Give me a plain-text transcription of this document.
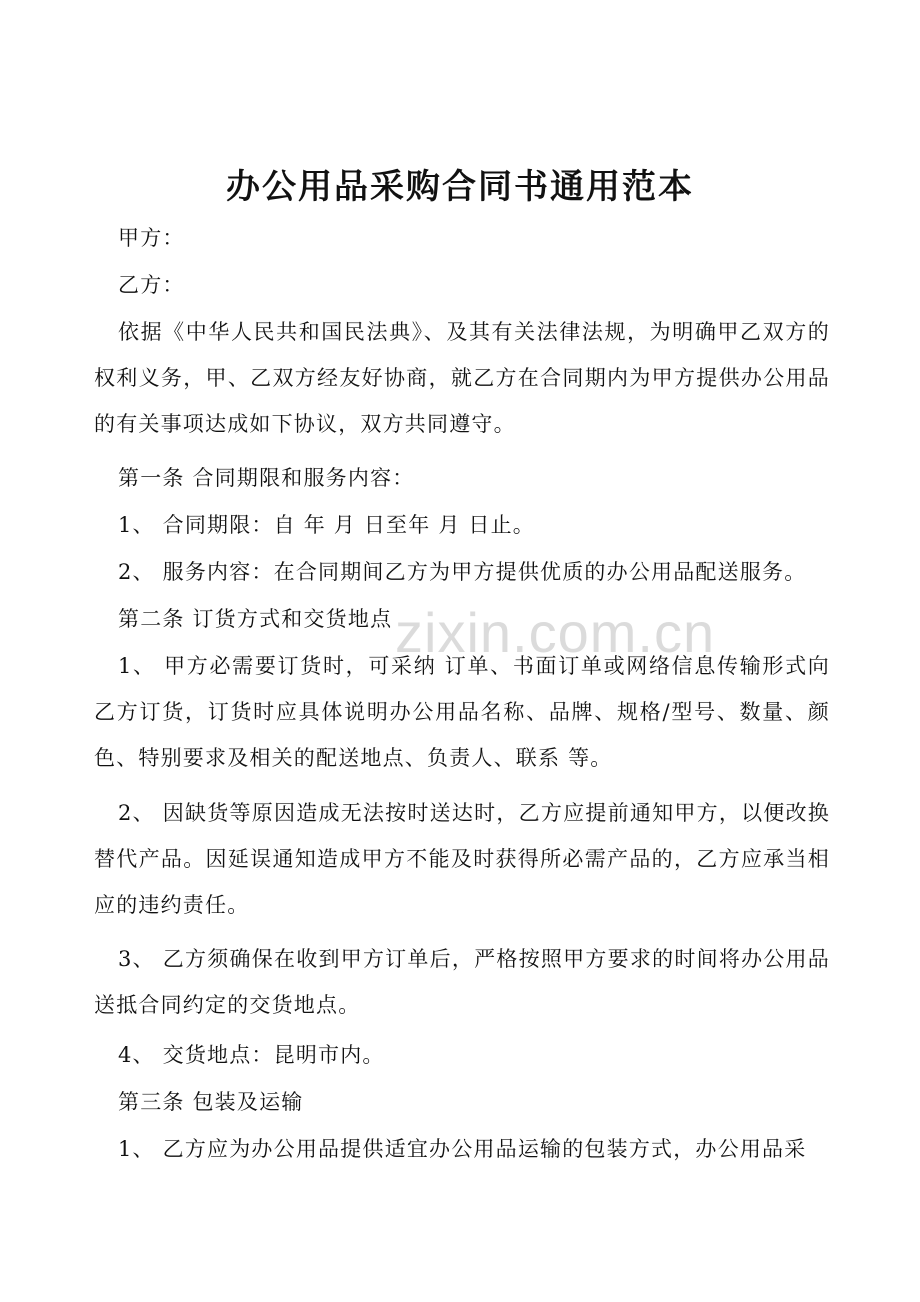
办公用品采购合同书通用范本
甲方：
乙方：

依据《中华人民共和国民法典》、及其有关法律法规，为明确甲乙双方的权利义务，甲、乙双方经友好协商，就乙方在合同期内为甲方提供办公用品的有关事项达成如下协议，双方共同遵守。

第一条 合同期限和服务内容：
1、 合同期限：自 年 月 日至年 月 日止。
2、 服务内容：在合同期间乙方为甲方提供优质的办公用品配送服务。
第二条 订货方式和交货地点

1、 甲方必需要订货时，可采纳 订单、书面订单或网络信息传输形式向乙方订货，订货时应具体说明办公用品名称、品牌、规格/型号、数量、颜色、特别要求及相关的配送地点、负责人、联系 等。

2、 因缺货等原因造成无法按时送达时，乙方应提前通知甲方，以便改换替代产品。因延误通知造成甲方不能及时获得所必需产品的，乙方应承当相应的违约责任。

3、 乙方须确保在收到甲方订单后，严格按照甲方要求的时间将办公用品送抵合同约定的交货地点。

4、 交货地点：昆明市内。
第三条 包装及运输
1、 乙方应为办公用品提供适宜办公用品运输的包装方式，办公用品采
zixin.com.cn
